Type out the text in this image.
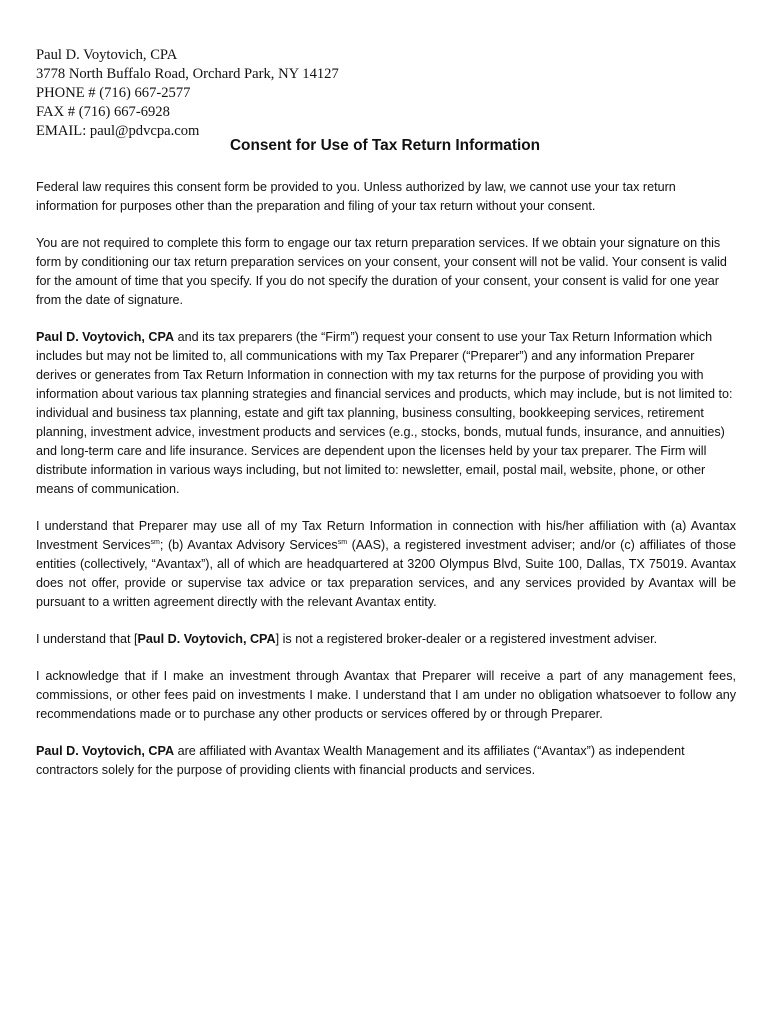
Paul D. Voytovich, CPA
3778 North Buffalo Road, Orchard Park, NY 14127
PHONE # (716) 667-2577
FAX # (716) 667-6928
EMAIL: paul@pdvcpa.com
Consent for Use of Tax Return Information

Federal law requires this consent form be provided to you. Unless authorized by law, we cannot use your tax return information for purposes other than the preparation and filing of your tax return without your consent.

You are not required to complete this form to engage our tax return preparation services. If we obtain your signature on this form by conditioning our tax return preparation services on your consent, your consent will not be valid. Your consent is valid for the amount of time that you specify. If you do not specify the duration of your consent, your consent is valid for one year from the date of signature.

Paul D. Voytovich, CPA and its tax preparers (the “Firm”) request your consent to use your Tax Return Information which includes but may not be limited to, all communications with my Tax Preparer (“Preparer”) and any information Preparer derives or generates from Tax Return Information in connection with my tax returns for the purpose of providing you with information about various tax planning strategies and financial services and products, which may include, but is not limited to: individual and business tax planning, estate and gift tax planning, business consulting, bookkeeping services, retirement planning, investment advice, investment products and services (e.g., stocks, bonds, mutual funds, insurance, and annuities) and long-term care and life insurance. Services are dependent upon the licenses held by your tax preparer. The Firm will distribute information in various ways including, but not limited to: newsletter, email, postal mail, website, phone, or other means of communication.

I understand that Preparer may use all of my Tax Return Information in connection with his/her affiliation with (a) Avantax Investment Services$^{sm}$; (b) Avantax Advisory Services$^{sm}$ (AAS), a registered investment adviser; and/or (c) affiliates of those entities (collectively, “Avantax”), all of which are headquartered at 3200 Olympus Blvd, Suite 100, Dallas, TX 75019. Avantax does not offer, provide or supervise tax advice or tax preparation services, and any services provided by Avantax will be pursuant to a written agreement directly with the relevant Avantax entity.

I understand that [Paul D. Voytovich, CPA] is not a registered broker-dealer or a registered investment adviser.

I acknowledge that if I make an investment through Avantax that Preparer will receive a part of any management fees, commissions, or other fees paid on investments I make. I understand that I am under no obligation whatsoever to follow any recommendations made or to purchase any other products or services offered by or through Preparer.

Paul D. Voytovich, CPA are affiliated with Avantax Wealth Management and its affiliates (“Avantax”) as independent contractors solely for the purpose of providing clients with financial products and services.
